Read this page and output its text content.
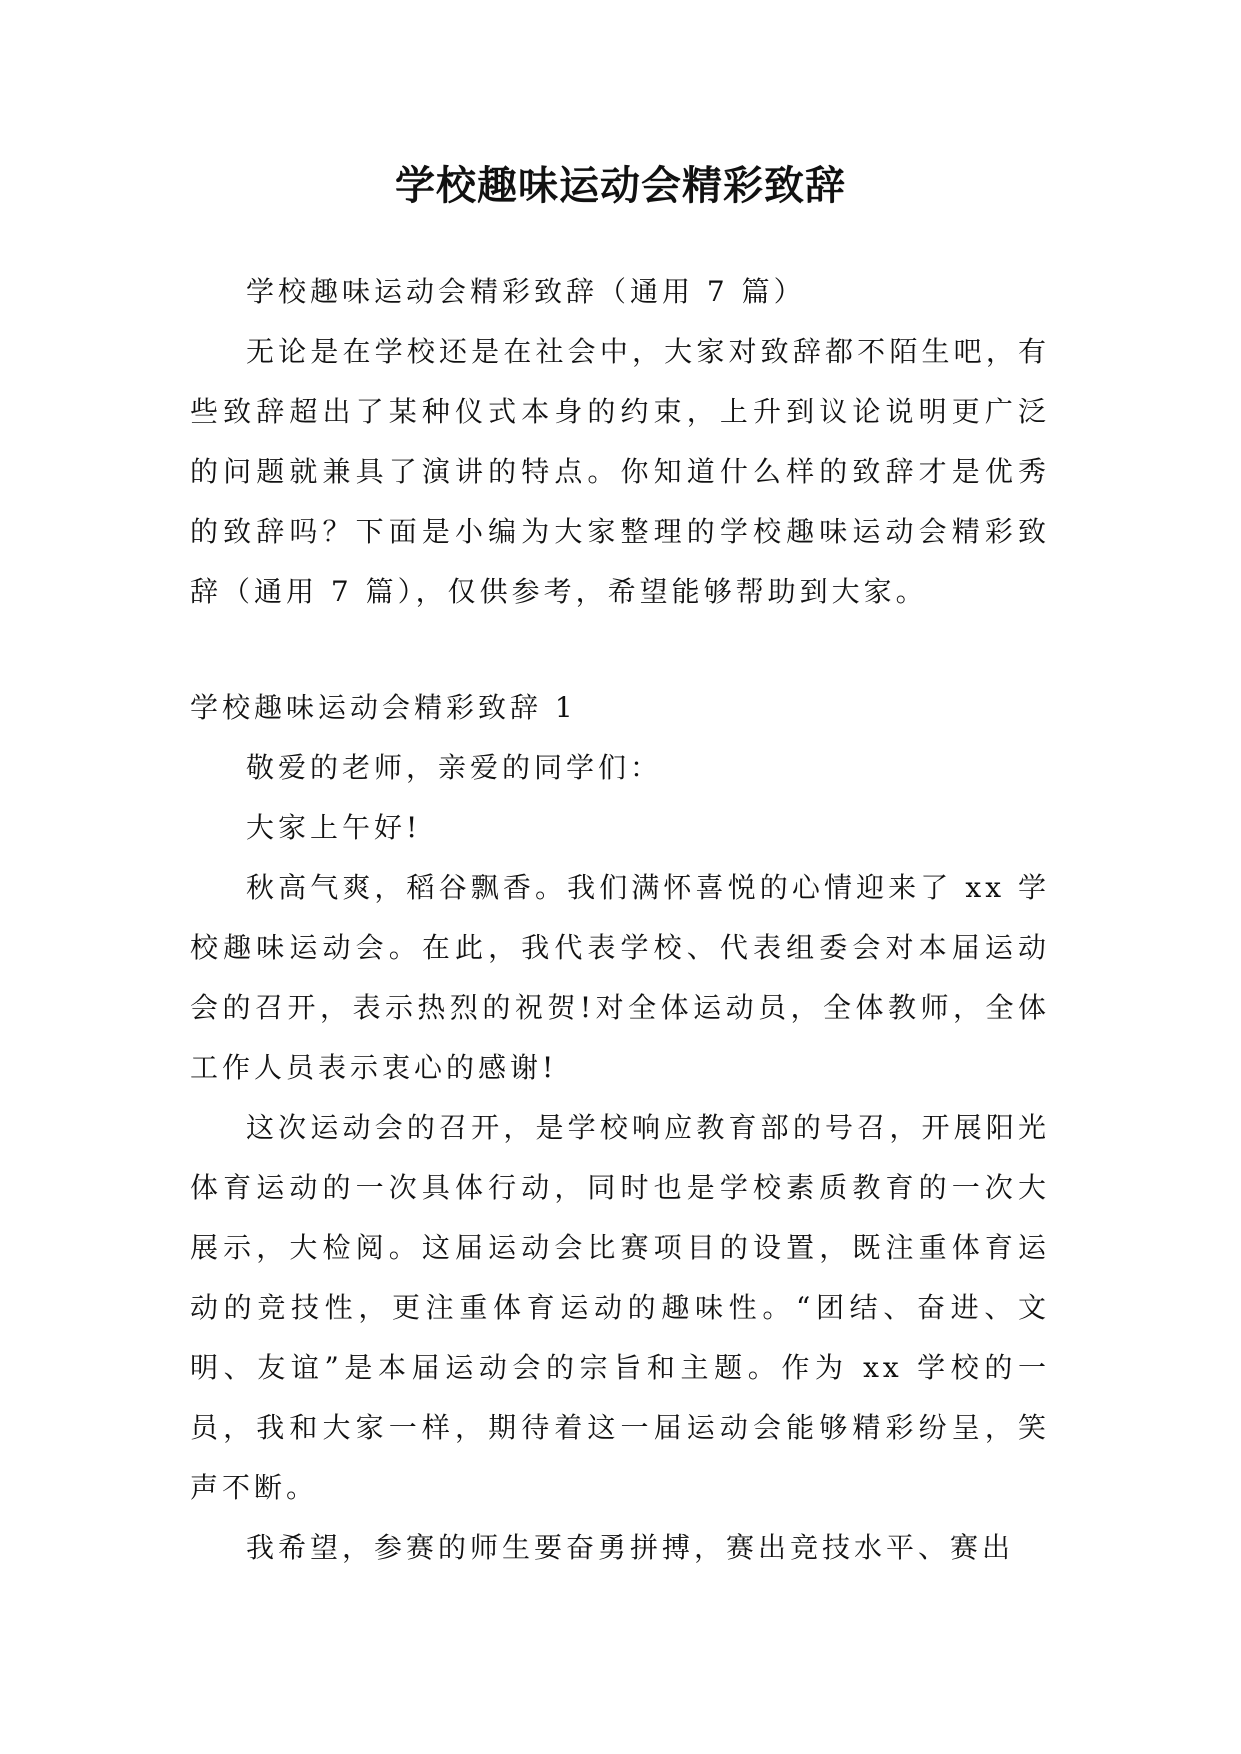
学校趣味运动会精彩致辞

学校趣味运动会精彩致辞（通用 7 篇）

无论是在学校还是在社会中，大家对致辞都不陌生吧，有些致辞超出了某种仪式本身的约束，上升到议论说明更广泛的问题就兼具了演讲的特点。你知道什么样的致辞才是优秀的致辞吗？下面是小编为大家整理的学校趣味运动会精彩致辞（通用 7 篇），仅供参考，希望能够帮助到大家。

学校趣味运动会精彩致辞 1

敬爱的老师，亲爱的同学们：

大家上午好!

秋高气爽，稻谷飘香。我们满怀喜悦的心情迎来了 xx 学校趣味运动会。在此，我代表学校、代表组委会对本届运动会的召开，表示热烈的祝贺!对全体运动员，全体教师，全体工作人员表示衷心的感谢!

这次运动会的召开，是学校响应教育部的号召，开展阳光体育运动的一次具体行动，同时也是学校素质教育的一次大展示，大检阅。这届运动会比赛项目的设置，既注重体育运动的竞技性，更注重体育运动的趣味性。“团结、奋进、文明、友谊”是本届运动会的宗旨和主题。作为 xx 学校的一员，我和大家一样，期待着这一届运动会能够精彩纷呈，笑声不断。

我希望，参赛的师生要奋勇拼搏，赛出竞技水平、赛出
